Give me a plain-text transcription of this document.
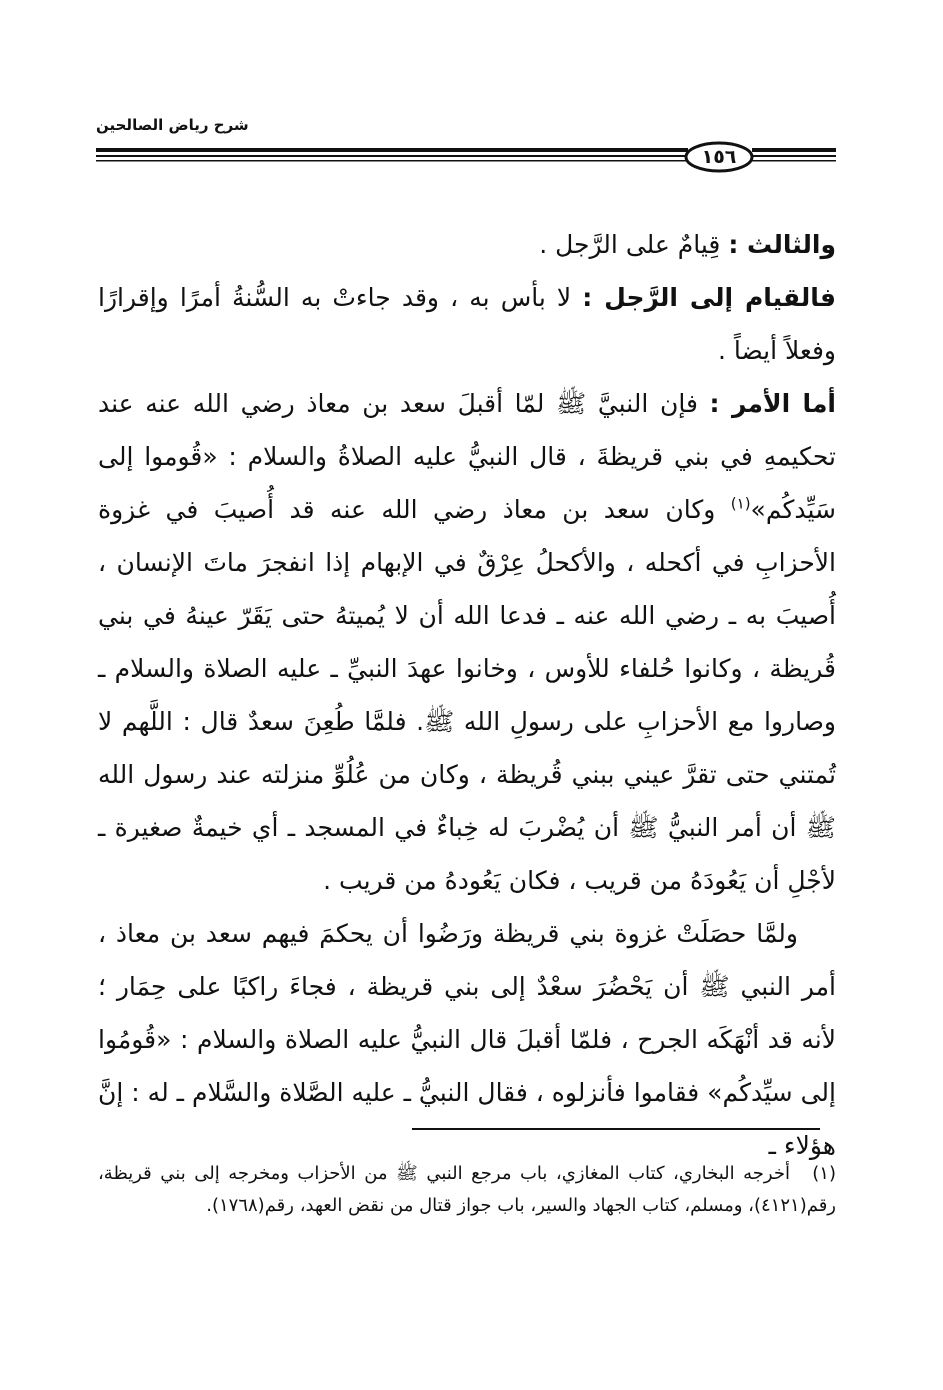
شرح رياض الصالحين
١٥٦

والثالث : قِيامٌ على الرَّجل .

فالقيام إلى الرَّجل : لا بأس به ، وقد جاءتْ به السُّنةُ أمرًا وإقرارًا وفعلاً أيضاً .

أما الأمر : فإن النبيَّ ﷺ لمّا أقبلَ سعد بن معاذ رضي الله عنه عند تحكيمهِ في بني قريظةَ ، قال النبيُّ عليه الصلاةُ والسلام : «قُوموا إلى سَيِّدكُم»$^{(١)}$ وكان سعد بن معاذ رضي الله عنه قد أُصيبَ في غزوة الأحزابِ في أكحله ، والأكحلُ عِرْقٌ في الإبهام إذا انفجرَ ماتَ الإنسان ، أُصيبَ به ـ رضي الله عنه ـ فدعا الله أن لا يُميتهُ حتى يَقَرّ عينهُ في بني قُريظة ، وكانوا حُلفاء للأوس ، وخانوا عهدَ النبيِّ ـ عليه الصلاة والسلام ـ وصاروا مع الأحزابِ على رسولِ الله ﷺ. فلمَّا طُعِنَ سعدٌ قال : اللَّهم لا تُمتني حتى تقرَّ عيني ببني قُريظة ، وكان من عُلُوِّ منزلته عند رسول الله ﷺ أن أمر النبيُّ ﷺ أن يُضْربَ له خِباءٌ في المسجد ـ أي خيمةٌ صغيرة ـ لأجْلِ أن يَعُودَهُ من قريب ، فكان يَعُودهُ من قريب .

ولمَّا حصَلَتْ غزوة بني قريظة ورَضُوا أن يحكمَ فيهم سعد بن معاذ ، أمر النبي ﷺ أن يَحْضُرَ سعْدٌ إلى بني قريظة ، فجاءَ راكبًا على حِمَار ؛ لأنه قد أنْهَكَه الجرح ، فلمّا أقبلَ قال النبيُّ عليه الصلاة والسلام : «قُومُوا إلى سيِّدكُم» فقاموا فأنزلوه ، فقال النبيُّ ـ عليه الصَّلاة والسَّلام ـ له : إنَّ هؤلاء ـ

(١)أخرجه البخاري، كتاب المغازي، باب مرجع النبي ﷺ من الأحزاب ومخرجه إلى بني قريظة، رقم(٤١٢١)، ومسلم، كتاب الجهاد والسير، باب جواز قتال من نقض العهد، رقم(١٧٦٨).
